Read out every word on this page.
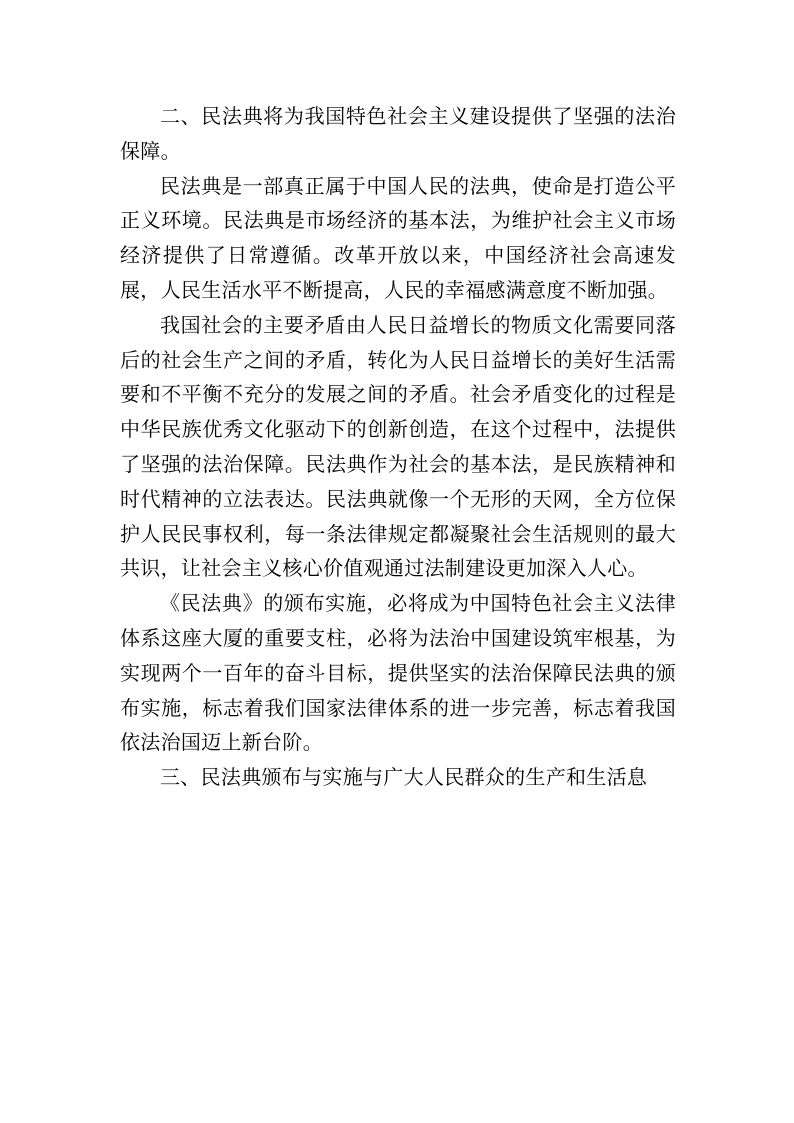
二、民法典将为我国特色社会主义建设提供了坚强的法治保障。

民法典是一部真正属于中国人民的法典，使命是打造公平正义环境。民法典是市场经济的基本法，为维护社会主义市场经济提供了日常遵循。改革开放以来，中国经济社会高速发展，人民生活水平不断提高，人民的幸福感满意度不断加强。

我国社会的主要矛盾由人民日益增长的物质文化需要同落后的社会生产之间的矛盾，转化为人民日益增长的美好生活需要和不平衡不充分的发展之间的矛盾。社会矛盾变化的过程是中华民族优秀文化驱动下的创新创造，在这个过程中，法提供了坚强的法治保障。民法典作为社会的基本法，是民族精神和时代精神的立法表达。民法典就像一个无形的天网，全方位保护人民民事权利，每一条法律规定都凝聚社会生活规则的最大共识，让社会主义核心价值观通过法制建设更加深入人心。

《民法典》的颁布实施，必将成为中国特色社会主义法律体系这座大厦的重要支柱，必将为法治中国建设筑牢根基，为实现两个一百年的奋斗目标，提供坚实的法治保障民法典的颁布实施，标志着我们国家法律体系的进一步完善，标志着我国依法治国迈上新台阶。

三、民法典颁布与实施与广大人民群众的生产和生活息
